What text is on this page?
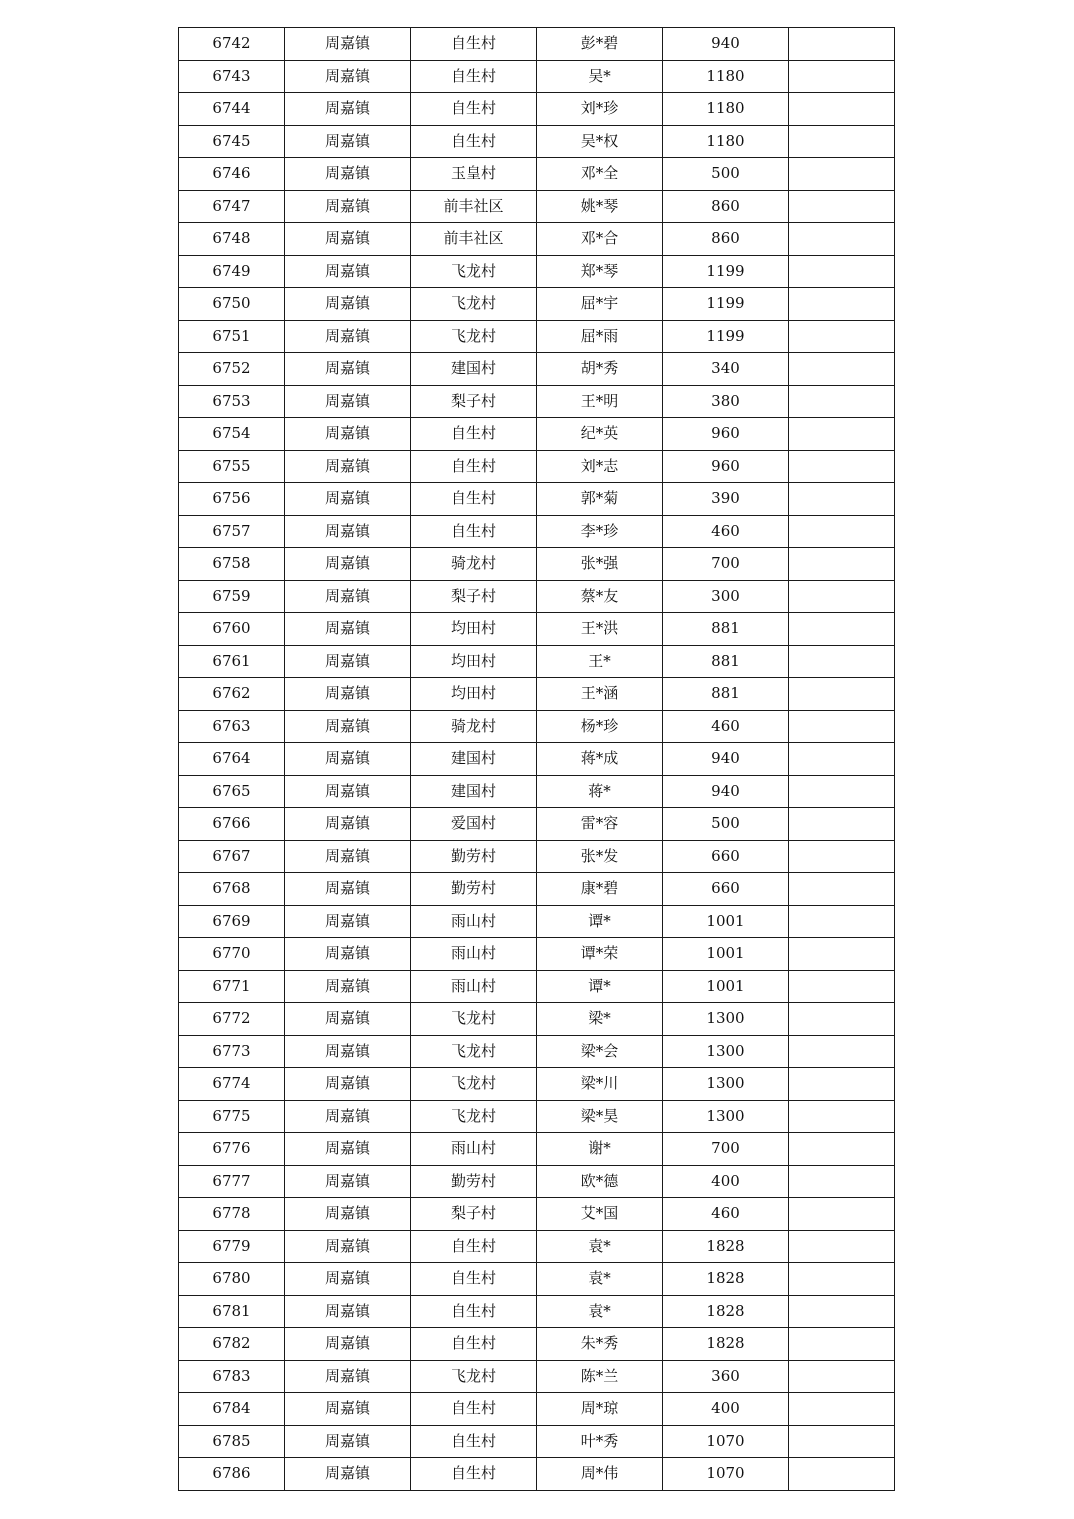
6742	周嘉镇	自生村	彭*碧	940	
6743	周嘉镇	自生村	吴*	1180	
6744	周嘉镇	自生村	刘*珍	1180	
6745	周嘉镇	自生村	吴*权	1180	
6746	周嘉镇	玉皇村	邓*全	500	
6747	周嘉镇	前丰社区	姚*琴	860	
6748	周嘉镇	前丰社区	邓*合	860	
6749	周嘉镇	飞龙村	郑*琴	1199	
6750	周嘉镇	飞龙村	屈*宇	1199	
6751	周嘉镇	飞龙村	屈*雨	1199	
6752	周嘉镇	建国村	胡*秀	340	
6753	周嘉镇	梨子村	王*明	380	
6754	周嘉镇	自生村	纪*英	960	
6755	周嘉镇	自生村	刘*志	960	
6756	周嘉镇	自生村	郭*菊	390	
6757	周嘉镇	自生村	李*珍	460	
6758	周嘉镇	骑龙村	张*强	700	
6759	周嘉镇	梨子村	蔡*友	300	
6760	周嘉镇	均田村	王*洪	881	
6761	周嘉镇	均田村	王*	881	
6762	周嘉镇	均田村	王*涵	881	
6763	周嘉镇	骑龙村	杨*珍	460	
6764	周嘉镇	建国村	蒋*成	940	
6765	周嘉镇	建国村	蒋*	940	
6766	周嘉镇	爱国村	雷*容	500	
6767	周嘉镇	勤劳村	张*发	660	
6768	周嘉镇	勤劳村	康*碧	660	
6769	周嘉镇	雨山村	谭*	1001	
6770	周嘉镇	雨山村	谭*荣	1001	
6771	周嘉镇	雨山村	谭*	1001	
6772	周嘉镇	飞龙村	梁*	1300	
6773	周嘉镇	飞龙村	梁*会	1300	
6774	周嘉镇	飞龙村	梁*川	1300	
6775	周嘉镇	飞龙村	梁*昊	1300	
6776	周嘉镇	雨山村	谢*	700	
6777	周嘉镇	勤劳村	欧*德	400	
6778	周嘉镇	梨子村	艾*国	460	
6779	周嘉镇	自生村	袁*	1828	
6780	周嘉镇	自生村	袁*	1828	
6781	周嘉镇	自生村	袁*	1828	
6782	周嘉镇	自生村	朱*秀	1828	
6783	周嘉镇	飞龙村	陈*兰	360	
6784	周嘉镇	自生村	周*琼	400	
6785	周嘉镇	自生村	叶*秀	1070	
6786	周嘉镇	自生村	周*伟	1070	
